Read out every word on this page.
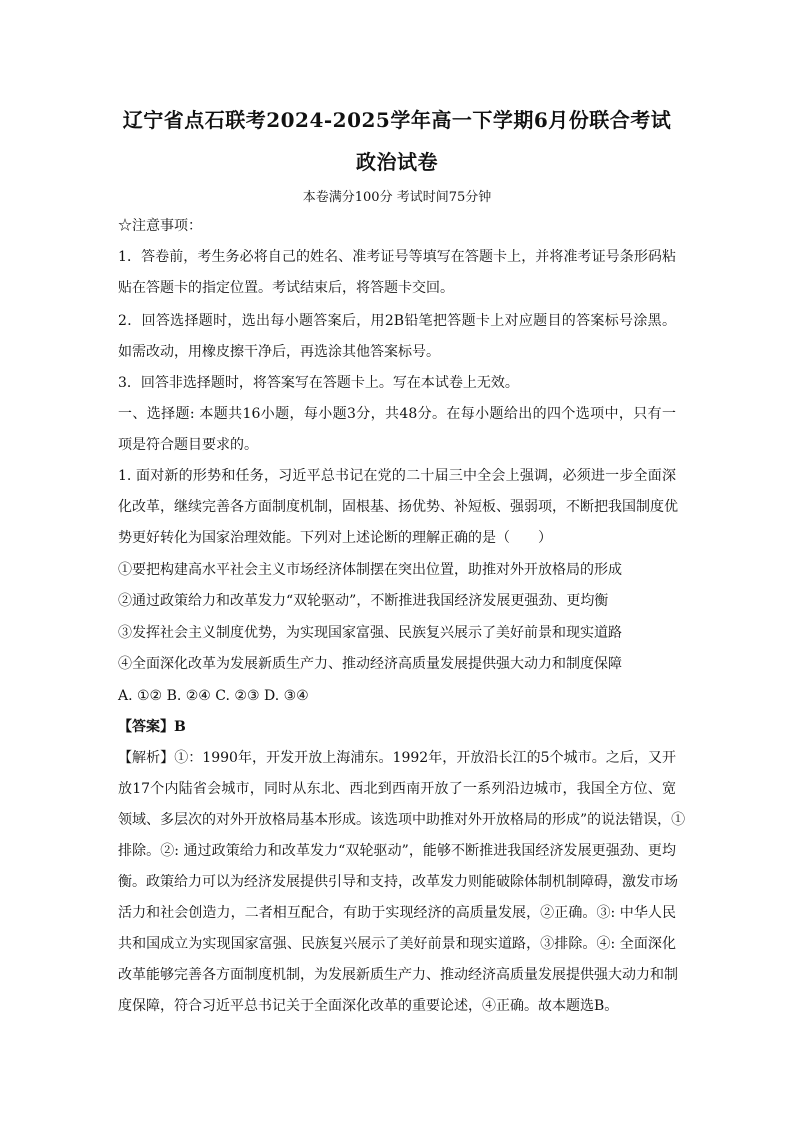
辽宁省点石联考2024-2025学年高一下学期6月份联合考试
政治试卷
本卷满分100分 考试时间75分钟
☆注意事项：
1．答卷前，考生务必将自己的姓名、准考证号等填写在答题卡上，并将准考证号条形码粘
贴在答题卡的指定位置。考试结束后，将答题卡交回。
2．回答选择题时，选出每小题答案后，用2B铅笔把答题卡上对应题目的答案标号涂黑。
如需改动，用橡皮擦干净后，再选涂其他答案标号。
3．回答非选择题时，将答案写在答题卡上。写在本试卷上无效。
一、选择题: 本题共16小题，每小题3分，共48分。在每小题给出的四个选项中，只有一
项是符合题目要求的。
1. 面对新的形势和任务，习近平总书记在党的二十届三中全会上强调，必须进一步全面深
化改革，继续完善各方面制度机制，固根基、扬优势、补短板、强弱项，不断把我国制度优
势更好转化为国家治理效能。下列对上述论断的理解正确的是（　　）
①要把构建高水平社会主义市场经济体制摆在突出位置，助推对外开放格局的形成
②通过政策给力和改革发力“双轮驱动”，不断推进我国经济发展更强劲、更均衡
③发挥社会主义制度优势，为实现国家富强、民族复兴展示了美好前景和现实道路
④全面深化改革为发展新质生产力、推动经济高质量发展提供强大动力和制度保障
A. ①② B. ②④ C. ②③ D. ③④
【答案】B
【解析】①：1990年，开发开放上海浦东。1992年，开放沿长江的5个城市。之后，又开
放17个内陆省会城市，同时从东北、西北到西南开放了一系列沿边城市，我国全方位、宽
领域、多层次的对外开放格局基本形成。该选项中助推对外开放格局的形成”的说法错误，①
排除。②: 通过政策给力和改革发力“双轮驱动”，能够不断推进我国经济发展更强劲、更均
衡。政策给力可以为经济发展提供引导和支持，改革发力则能破除体制机制障碍，激发市场
活力和社会创造力，二者相互配合，有助于实现经济的高质量发展，②正确。③: 中华人民
共和国成立为实现国家富强、民族复兴展示了美好前景和现实道路，③排除。④: 全面深化
改革能够完善各方面制度机制，为发展新质生产力、推动经济高质量发展提供强大动力和制
度保障，符合习近平总书记关于全面深化改革的重要论述，④正确。故本题选B。
